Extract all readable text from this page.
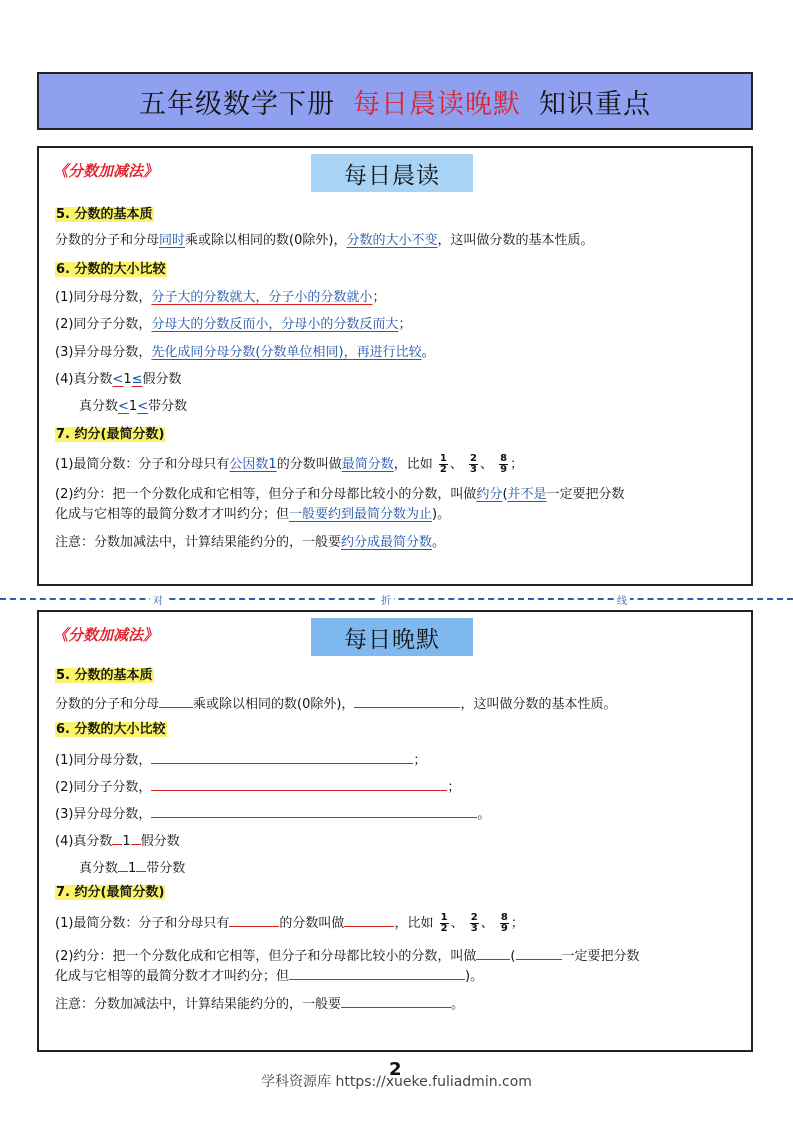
五年级数学下册 每日晨读晚默 知识重点
《分数加减法》	每日晨读
5. 分数的基本质
分数的分子和分母同时乘或除以相同的数(0除外)，分数的大小不变，这叫做分数的基本性质。
6. 分数的大小比较
(1)同分母分数，分子大的分数就大，分子小的分数就小；
(2)同分子分数，分母大的分数反而小，分母小的分数反而大；
(3)异分母分数，先化成同分母分数(分数单位相同)，再进行比较。
(4)真分数<1≤假分数
真分数<1<带分数
7. 约分(最简分数)
(1)最简分数：分子和分母只有公因数1的分数叫做最简分数，比如 $\frac{1}{2}$ 、 $\frac{2}{3}$ 、 $\frac{8}{9}$ ；
(2)约分：把一个分数化成和它相等，但分子和分母都比较小的分数，叫做约分(并不是一定要把分数
化成与它相等的最简分数才才叫约分；但一般要约到最简分数为止)。
注意：分数加减法中，计算结果能约分的，一般要约分成最简分数。
对	折	线
《分数加减法》	每日晚默
5. 分数的基本质
分数的分子和分母	乘或除以相同的数(0除外)，	，这叫做分数的基本性质。
6. 分数的大小比较
(1)同分母分数，	；
(2)同分子分数，	；
(3)异分母分数，	。
(4)真分数 1 假分数
真分数 1 带分数
7. 约分(最简分数)
(1)最简分数：分子和分母只有	的分数叫做	，比如 $\frac{1}{2}$ 、 $\frac{2}{3}$ 、 $\frac{8}{9}$ ；
(2)约分：把一个分数化成和它相等，但分子和分母都比较小的分数，叫做	(	一定要把分数
化成与它相等的最简分数才才叫约分；但	)。
注意：分数加减法中，计算结果能约分的，一般要	。
2
学科资源库 https://xueke.fuliadmin.com
